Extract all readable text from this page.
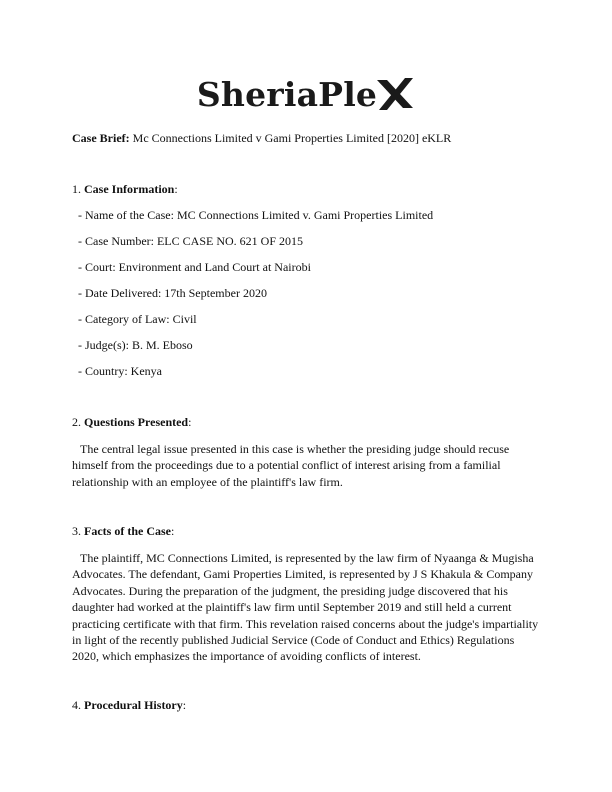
SheriaPle
Case Brief: Mc Connections Limited v Gami Properties Limited [2020] eKLR
1. Case Information:
- Name of the Case: MC Connections Limited v. Gami Properties Limited
- Case Number: ELC CASE NO. 621 OF 2015
- Court: Environment and Land Court at Nairobi
- Date Delivered: 17th September 2020
- Category of Law: Civil
- Judge(s): B. M. Eboso
- Country: Kenya
2. Questions Presented:
The central legal issue presented in this case is whether the presiding judge should recuse himself from the proceedings due to a potential conflict of interest arising from a familial relationship with an employee of the plaintiff's law firm.
3. Facts of the Case:
The plaintiff, MC Connections Limited, is represented by the law firm of Nyaanga & Mugisha Advocates. The defendant, Gami Properties Limited, is represented by J S Khakula & Company Advocates. During the preparation of the judgment, the presiding judge discovered that his daughter had worked at the plaintiff's law firm until September 2019 and still held a current practicing certificate with that firm. This revelation raised concerns about the judge's impartiality in light of the recently published Judicial Service (Code of Conduct and Ethics) Regulations 2020, which emphasizes the importance of avoiding conflicts of interest.
4. Procedural History:
